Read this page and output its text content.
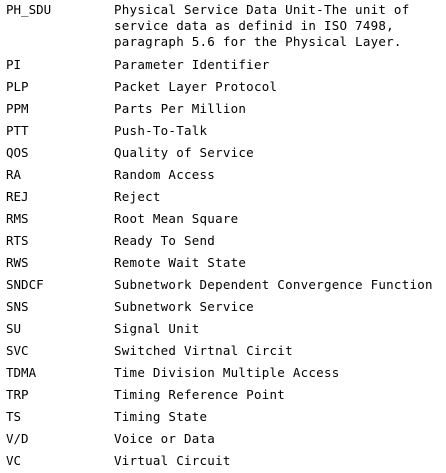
PH_SDU	Physical Service Data Unit-The unit of
service data as definid in ISO 7498,
paragraph 5.6 for the Physical Layer.
PI	Parameter Identifier
PLP	Packet Layer Protocol
PPM	Parts Per Million
PTT	Push-To-Talk
QOS	Quality of Service
RA	Random Access
REJ	Reject
RMS	Root Mean Square
RTS	Ready To Send
RWS	Remote Wait State
SNDCF	Subnetwork Dependent Convergence Function
SNS	Subnetwork Service
SU	Signal Unit
SVC	Switched Virtnal Circit
TDMA	Time Division Multiple Access
TRP	Timing Reference Point
TS	Timing State
V/D	Voice or Data
VC	Virtual Circuit
